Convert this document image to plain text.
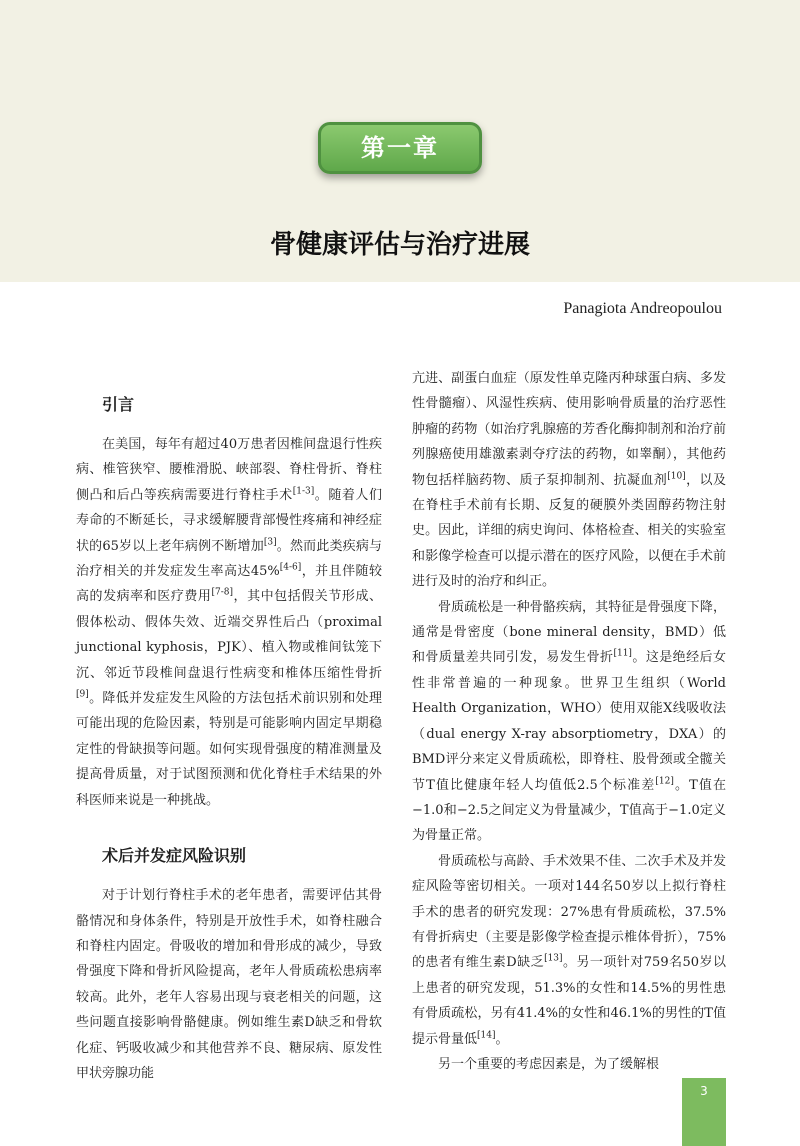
第一章
骨健康评估与治疗进展
Panagiota Andreopoulou
引言

在美国，每年有超过40万患者因椎间盘退行性疾病、椎管狭窄、腰椎滑脱、峡部裂、脊柱骨折、脊柱侧凸和后凸等疾病需要进行脊柱手术[1-3]。随着人们寿命的不断延长，寻求缓解腰背部慢性疼痛和神经症状的65岁以上老年病例不断增加[3]。然而此类疾病与治疗相关的并发症发生率高达45%[4-6]，并且伴随较高的发病率和医疗费用[7-8]，其中包括假关节形成、假体松动、假体失效、近端交界性后凸（proximal junctional kyphosis，PJK）、植入物或椎间钛笼下沉、邻近节段椎间盘退行性病变和椎体压缩性骨折[9]。降低并发症发生风险的方法包括术前识别和处理可能出现的危险因素，特别是可能影响内固定早期稳定性的骨缺损等问题。如何实现骨强度的精准测量及提高骨质量，对于试图预测和优化脊柱手术结果的外科医师来说是一种挑战。

术后并发症风险识别

对于计划行脊柱手术的老年患者，需要评估其骨骼情况和身体条件，特别是开放性手术，如脊柱融合和脊柱内固定。骨吸收的增加和骨形成的减少，导致骨强度下降和骨折风险提高，老年人骨质疏松患病率较高。此外，老年人容易出现与衰老相关的问题，这些问题直接影响骨骼健康。例如维生素D缺乏和骨软化症、钙吸收减少和其他营养不良、糖尿病、原发性甲状旁腺功能

亢进、副蛋白血症（原发性单克隆丙种球蛋白病、多发性骨髓瘤）、风湿性疾病、使用影响骨质量的治疗恶性肿瘤的药物（如治疗乳腺癌的芳香化酶抑制剂和治疗前列腺癌使用雄激素剥夺疗法的药物，如睾酮），其他药物包括样脑药物、质子泵抑制剂、抗凝血剂[10]，以及在脊柱手术前有长期、反复的硬膜外类固醇药物注射史。因此，详细的病史询问、体格检查、相关的实验室和影像学检查可以提示潜在的医疗风险，以便在手术前进行及时的治疗和纠正。

骨质疏松是一种骨骼疾病，其特征是骨强度下降，通常是骨密度（bone mineral density，BMD）低和骨质量差共同引发，易发生骨折[11]。这是绝经后女性非常普遍的一种现象。世界卫生组织（World Health Organization，WHO）使用双能X线吸收法（dual energy X-ray absorptiometry，DXA）的BMD评分来定义骨质疏松，即脊柱、股骨颈或全髋关节T值比健康年轻人均值低2.5个标准差[12]。T值在−1.0和−2.5之间定义为骨量减少，T值高于−1.0定义为骨量正常。

骨质疏松与高龄、手术效果不佳、二次手术及并发症风险等密切相关。一项对144名50岁以上拟行脊柱手术的患者的研究发现：27%患有骨质疏松，37.5%有骨折病史（主要是影像学检查提示椎体骨折），75%的患者有维生素D缺乏[13]。另一项针对759名50岁以上患者的研究发现，51.3%的女性和14.5%的男性患有骨质疏松，另有41.4%的女性和46.1%的男性的T值提示骨量低[14]。

另一个重要的考虑因素是，为了缓解根

3
